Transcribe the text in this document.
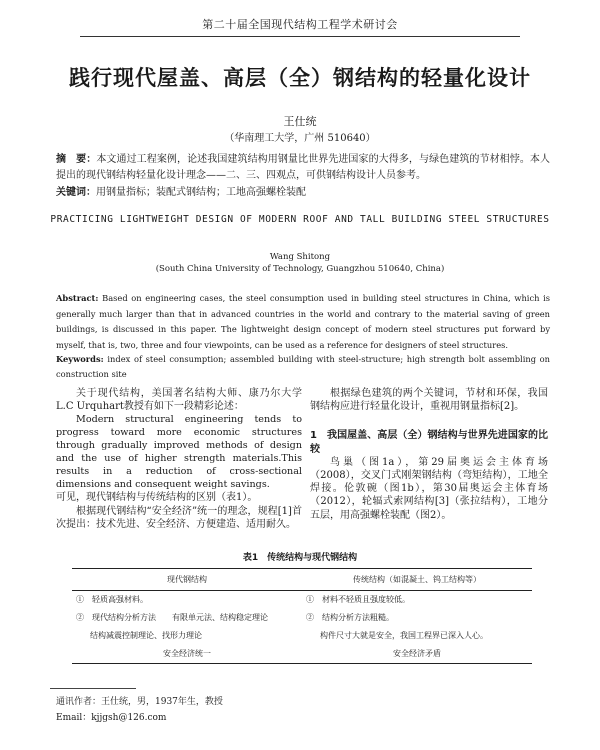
第二十届全国现代结构工程学术研讨会
践行现代屋盖、高层（全）钢结构的轻量化设计
王仕统
（华南理工大学，广州 510640）
摘　要：本文通过工程案例，论述我国建筑结构用钢量比世界先进国家的大得多，与绿色建筑的节材相悖。本人提出的现代钢结构轻量化设计理念——二、三、四观点，可供钢结构设计人员参考。
关键词：用钢量指标；装配式钢结构；工地高强螺栓装配
PRACTICING LIGHTWEIGHT DESIGN OF MODERN ROOF AND TALL BUILDING STEEL STRUCTURES
Wang Shitong
(South China University of Technology, Guangzhou 510640, China)
Abstract: Based on engineering cases, the steel consumption used in building steel structures in China, which is generally much larger than that in advanced countries in the world and contrary to the material saving of green buildings, is discussed in this paper. The lightweight design concept of modern steel structures put forward by myself, that is, two, three and four viewpoints, can be used as a reference for designers of steel structures.
Keywords: index of steel consumption; assembled building with steel-structure; high strength bolt assembling on construction site

关于现代结构，美国著名结构大师、康乃尔大学L.C Urquhart教授有如下一段精彩论述：

Modern structural engineering tends to progress toward more economic structures through gradually improved methods of design and the use of higher strength materials.This results in a reduction of cross-sectional dimensions and consequent weight savings.

可见，现代钢结构与传统结构的区别（表1）。

根据现代钢结构“安全经济”统一的理念，规程[1]首次提出：技术先进、安全经济、方便建造、适用耐久。

根据绿色建筑的两个关键词，节材和环保，我国钢结构应进行轻量化设计，重视用钢量指标[2]。

1　我国屋盖、高层（全）钢结构与世界先进国家的比较

鸟巢（图1a），第29届奥运会主体育场（2008），交叉门式刚架钢结构（弯矩结构），工地全焊接。伦敦碗（图1b），第30届奥运会主体育场（2012），轮辐式索网结构[3]（张拉结构），工地分五层，用高强螺栓装配（图2）。

表1　传统结构与现代钢结构
现代钢结构	传统结构（如混凝土、钨工结构等）
①　轻质高强材料。	①　材料不轻质且强度较低。
②　现代结构分析方法　　有限单元法、结构稳定理论	②　结构分析方法粗糙。
结构减震控制理论、找形力理论	构件尺寸大就是安全，我国工程界已深入人心。
安全经济统一	安全经济矛盾
通讯作者：王仕统，男，1937年生，教授
Email：kjjgsh@126.com
